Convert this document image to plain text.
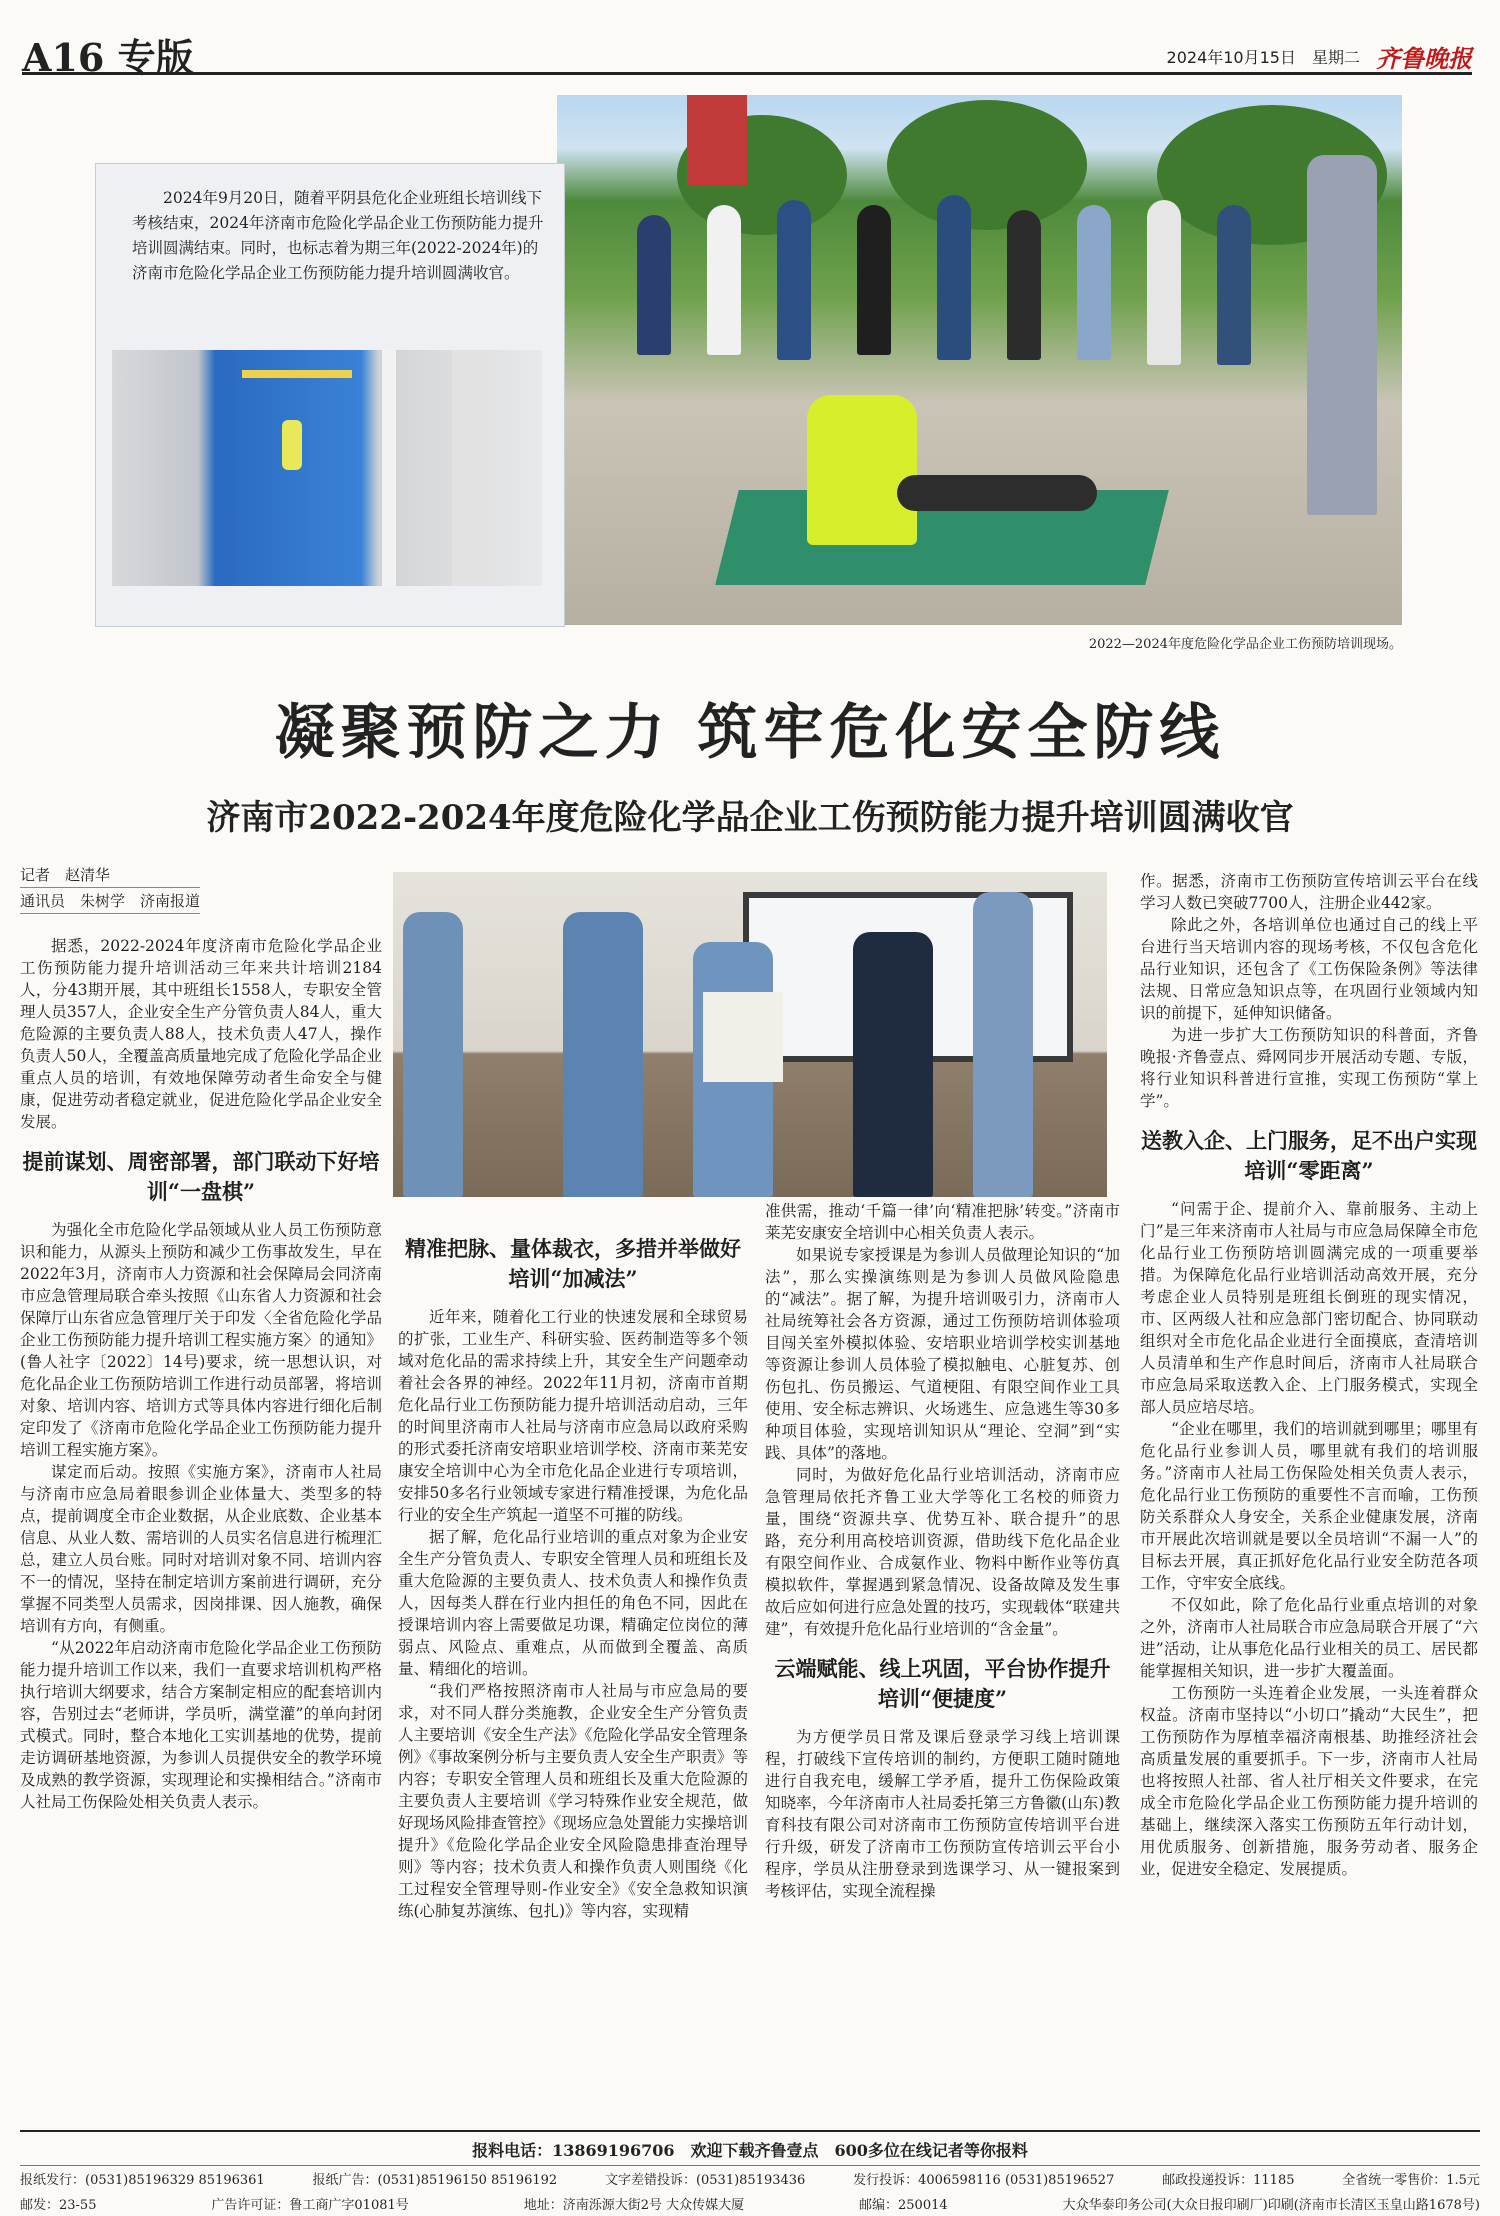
A16 专版	2024年10月15日 星期二 齐鲁晚报

2024年9月20日，随着平阴县危化企业班组长培训线下考核结束，2024年济南市危险化学品企业工伤预防能力提升培训圆满结束。同时，也标志着为期三年(2022-2024年)的济南市危险化学品企业工伤预防能力提升培训圆满收官。

2022—2024年度危险化学品企业工伤预防培训现场。
凝聚预防之力 筑牢危化安全防线
济南市2022-2024年度危险化学品企业工伤预防能力提升培训圆满收官
记者　赵清华
通讯员　朱树学　济南报道

据悉，2022-2024年度济南市危险化学品企业工伤预防能力提升培训活动三年来共计培训2184人，分43期开展，其中班组长1558人，专职安全管理人员357人，企业安全生产分管负责人84人，重大危险源的主要负责人88人，技术负责人47人，操作负责人50人，全覆盖高质量地完成了危险化学品企业重点人员的培训，有效地保障劳动者生命安全与健康，促进劳动者稳定就业，促进危险化学品企业安全发展。

提前谋划、周密部署，部门联动下好培训“一盘棋”

为强化全市危险化学品领域从业人员工伤预防意识和能力，从源头上预防和减少工伤事故发生，早在2022年3月，济南市人力资源和社会保障局会同济南市应急管理局联合牵头按照《山东省人力资源和社会保障厅山东省应急管理厅关于印发〈全省危险化学品企业工伤预防能力提升培训工程实施方案〉的通知》(鲁人社字〔2022〕14号)要求，统一思想认识，对危化品企业工伤预防培训工作进行动员部署，将培训对象、培训内容、培训方式等具体内容进行细化后制定印发了《济南市危险化学品企业工伤预防能力提升培训工程实施方案》。

谋定而后动。按照《实施方案》，济南市人社局与济南市应急局着眼参训企业体量大、类型多的特点，提前调度全市企业数据，从企业底数、企业基本信息、从业人数、需培训的人员实名信息进行梳理汇总，建立人员台账。同时对培训对象不同、培训内容不一的情况，坚持在制定培训方案前进行调研，充分掌握不同类型人员需求，因岗排课、因人施教，确保培训有方向，有侧重。

“从2022年启动济南市危险化学品企业工伤预防能力提升培训工作以来，我们一直要求培训机构严格执行培训大纲要求，结合方案制定相应的配套培训内容，告别过去“老师讲，学员听，满堂灌”的单向封闭式模式。同时，整合本地化工实训基地的优势，提前走访调研基地资源，为参训人员提供安全的教学环境及成熟的教学资源，实现理论和实操相结合。”济南市人社局工伤保险处相关负责人表示。

精准把脉、量体裁衣，多措并举做好培训“加减法”

近年来，随着化工行业的快速发展和全球贸易的扩张，工业生产、科研实验、医药制造等多个领域对危化品的需求持续上升，其安全生产问题牵动着社会各界的神经。2022年11月初，济南市首期危化品行业工伤预防能力提升培训活动启动，三年的时间里济南市人社局与济南市应急局以政府采购的形式委托济南安培职业培训学校、济南市莱芜安康安全培训中心为全市危化品企业进行专项培训，安排50多名行业领域专家进行精准授课，为危化品行业的安全生产筑起一道坚不可摧的防线。

据了解，危化品行业培训的重点对象为企业安全生产分管负责人、专职安全管理人员和班组长及重大危险源的主要负责人、技术负责人和操作负责人，因每类人群在行业内担任的角色不同，因此在授课培训内容上需要做足功课，精确定位岗位的薄弱点、风险点、重难点，从而做到全覆盖、高质量、精细化的培训。

“我们严格按照济南市人社局与市应急局的要求，对不同人群分类施教，企业安全生产分管负责人主要培训《安全生产法》《危险化学品安全管理条例》《事故案例分析与主要负责人安全生产职责》等内容；专职安全管理人员和班组长及重大危险源的主要负责人主要培训《学习特殊作业安全规范，做好现场风险排查管控》《现场应急处置能力实操培训提升》《危险化学品企业安全风险隐患排查治理导则》等内容；技术负责人和操作负责人则围绕《化工过程安全管理导则-作业安全》《安全急救知识演练(心肺复苏演练、包扎)》等内容，实现精

准供需，推动‘千篇一律’向‘精准把脉’转变。”济南市莱芜安康安全培训中心相关负责人表示。

如果说专家授课是为参训人员做理论知识的“加法”，那么实操演练则是为参训人员做风险隐患的“减法”。据了解，为提升培训吸引力，济南市人社局统筹社会各方资源，通过工伤预防培训体验项目闯关室外模拟体验、安培职业培训学校实训基地等资源让参训人员体验了模拟触电、心脏复苏、创伤包扎、伤员搬运、气道梗阻、有限空间作业工具使用、安全标志辨识、火场逃生、应急逃生等30多种项目体验，实现培训知识从“理论、空洞”到“实践、具体”的落地。

同时，为做好危化品行业培训活动，济南市应急管理局依托齐鲁工业大学等化工名校的师资力量，围绕“资源共享、优势互补、联合提升”的思路，充分利用高校培训资源，借助线下危化品企业有限空间作业、合成氨作业、物料中断作业等仿真模拟软件，掌握遇到紧急情况、设备故障及发生事故后应如何进行应急处置的技巧，实现载体“联建共建”，有效提升危化品行业培训的“含金量”。

云端赋能、线上巩固，平台协作提升培训“便捷度”

为方便学员日常及课后登录学习线上培训课程，打破线下宣传培训的制约，方便职工随时随地进行自我充电，缓解工学矛盾，提升工伤保险政策知晓率，今年济南市人社局委托第三方鲁徽(山东)教育科技有限公司对济南市工伤预防宣传培训平台进行升级，研发了济南市工伤预防宣传培训云平台小程序，学员从注册登录到选课学习、从一键报案到考核评估，实现全流程操

作。据悉，济南市工伤预防宣传培训云平台在线学习人数已突破7700人，注册企业442家。

除此之外，各培训单位也通过自己的线上平台进行当天培训内容的现场考核，不仅包含危化品行业知识，还包含了《工伤保险条例》等法律法规、日常应急知识点等，在巩固行业领域内知识的前提下，延伸知识储备。

为进一步扩大工伤预防知识的科普面，齐鲁晚报·齐鲁壹点、舜网同步开展活动专题、专版，将行业知识科普进行宣推，实现工伤预防“掌上学”。

送教入企、上门服务，足不出户实现培训“零距离”

“问需于企、提前介入、靠前服务、主动上门”是三年来济南市人社局与市应急局保障全市危化品行业工伤预防培训圆满完成的一项重要举措。为保障危化品行业培训活动高效开展，充分考虑企业人员特别是班组长倒班的现实情况，市、区两级人社和应急部门密切配合、协同联动组织对全市危化品企业进行全面摸底，查清培训人员清单和生产作息时间后，济南市人社局联合市应急局采取送教入企、上门服务模式，实现全部人员应培尽培。

“企业在哪里，我们的培训就到哪里；哪里有危化品行业参训人员，哪里就有我们的培训服务。”济南市人社局工伤保险处相关负责人表示，危化品行业工伤预防的重要性不言而喻，工伤预防关系群众人身安全，关系企业健康发展，济南市开展此次培训就是要以全员培训“不漏一人”的目标去开展，真正抓好危化品行业安全防范各项工作，守牢安全底线。

不仅如此，除了危化品行业重点培训的对象之外，济南市人社局联合市应急局联合开展了“六进”活动，让从事危化品行业相关的员工、居民都能掌握相关知识，进一步扩大覆盖面。

工伤预防一头连着企业发展，一头连着群众权益。济南市坚持以“小切口”撬动“大民生”，把工伤预防作为厚植幸福济南根基、助推经济社会高质量发展的重要抓手。下一步，济南市人社局也将按照人社部、省人社厅相关文件要求，在完成全市危险化学品企业工伤预防能力提升培训的基础上，继续深入落实工伤预防五年行动计划，用优质服务、创新措施，服务劳动者、服务企业，促进安全稳定、发展提质。

报料电话：13869196706　欢迎下载齐鲁壹点　600多位在线记者等你报料
报纸发行：(0531)85196329 85196361	报纸广告：(0531)85196150 85196192	文字差错投诉：(0531)85193436	发行投诉：4006598116 (0531)85196527	邮政投递投诉：11185	全省统一零售价：1.5元
邮发：23-55	广告许可证：鲁工商广字01081号	地址：济南泺源大街2号 大众传媒大厦	邮编：250014	大众华泰印务公司(大众日报印刷厂)印刷(济南市长清区玉皇山路1678号)
